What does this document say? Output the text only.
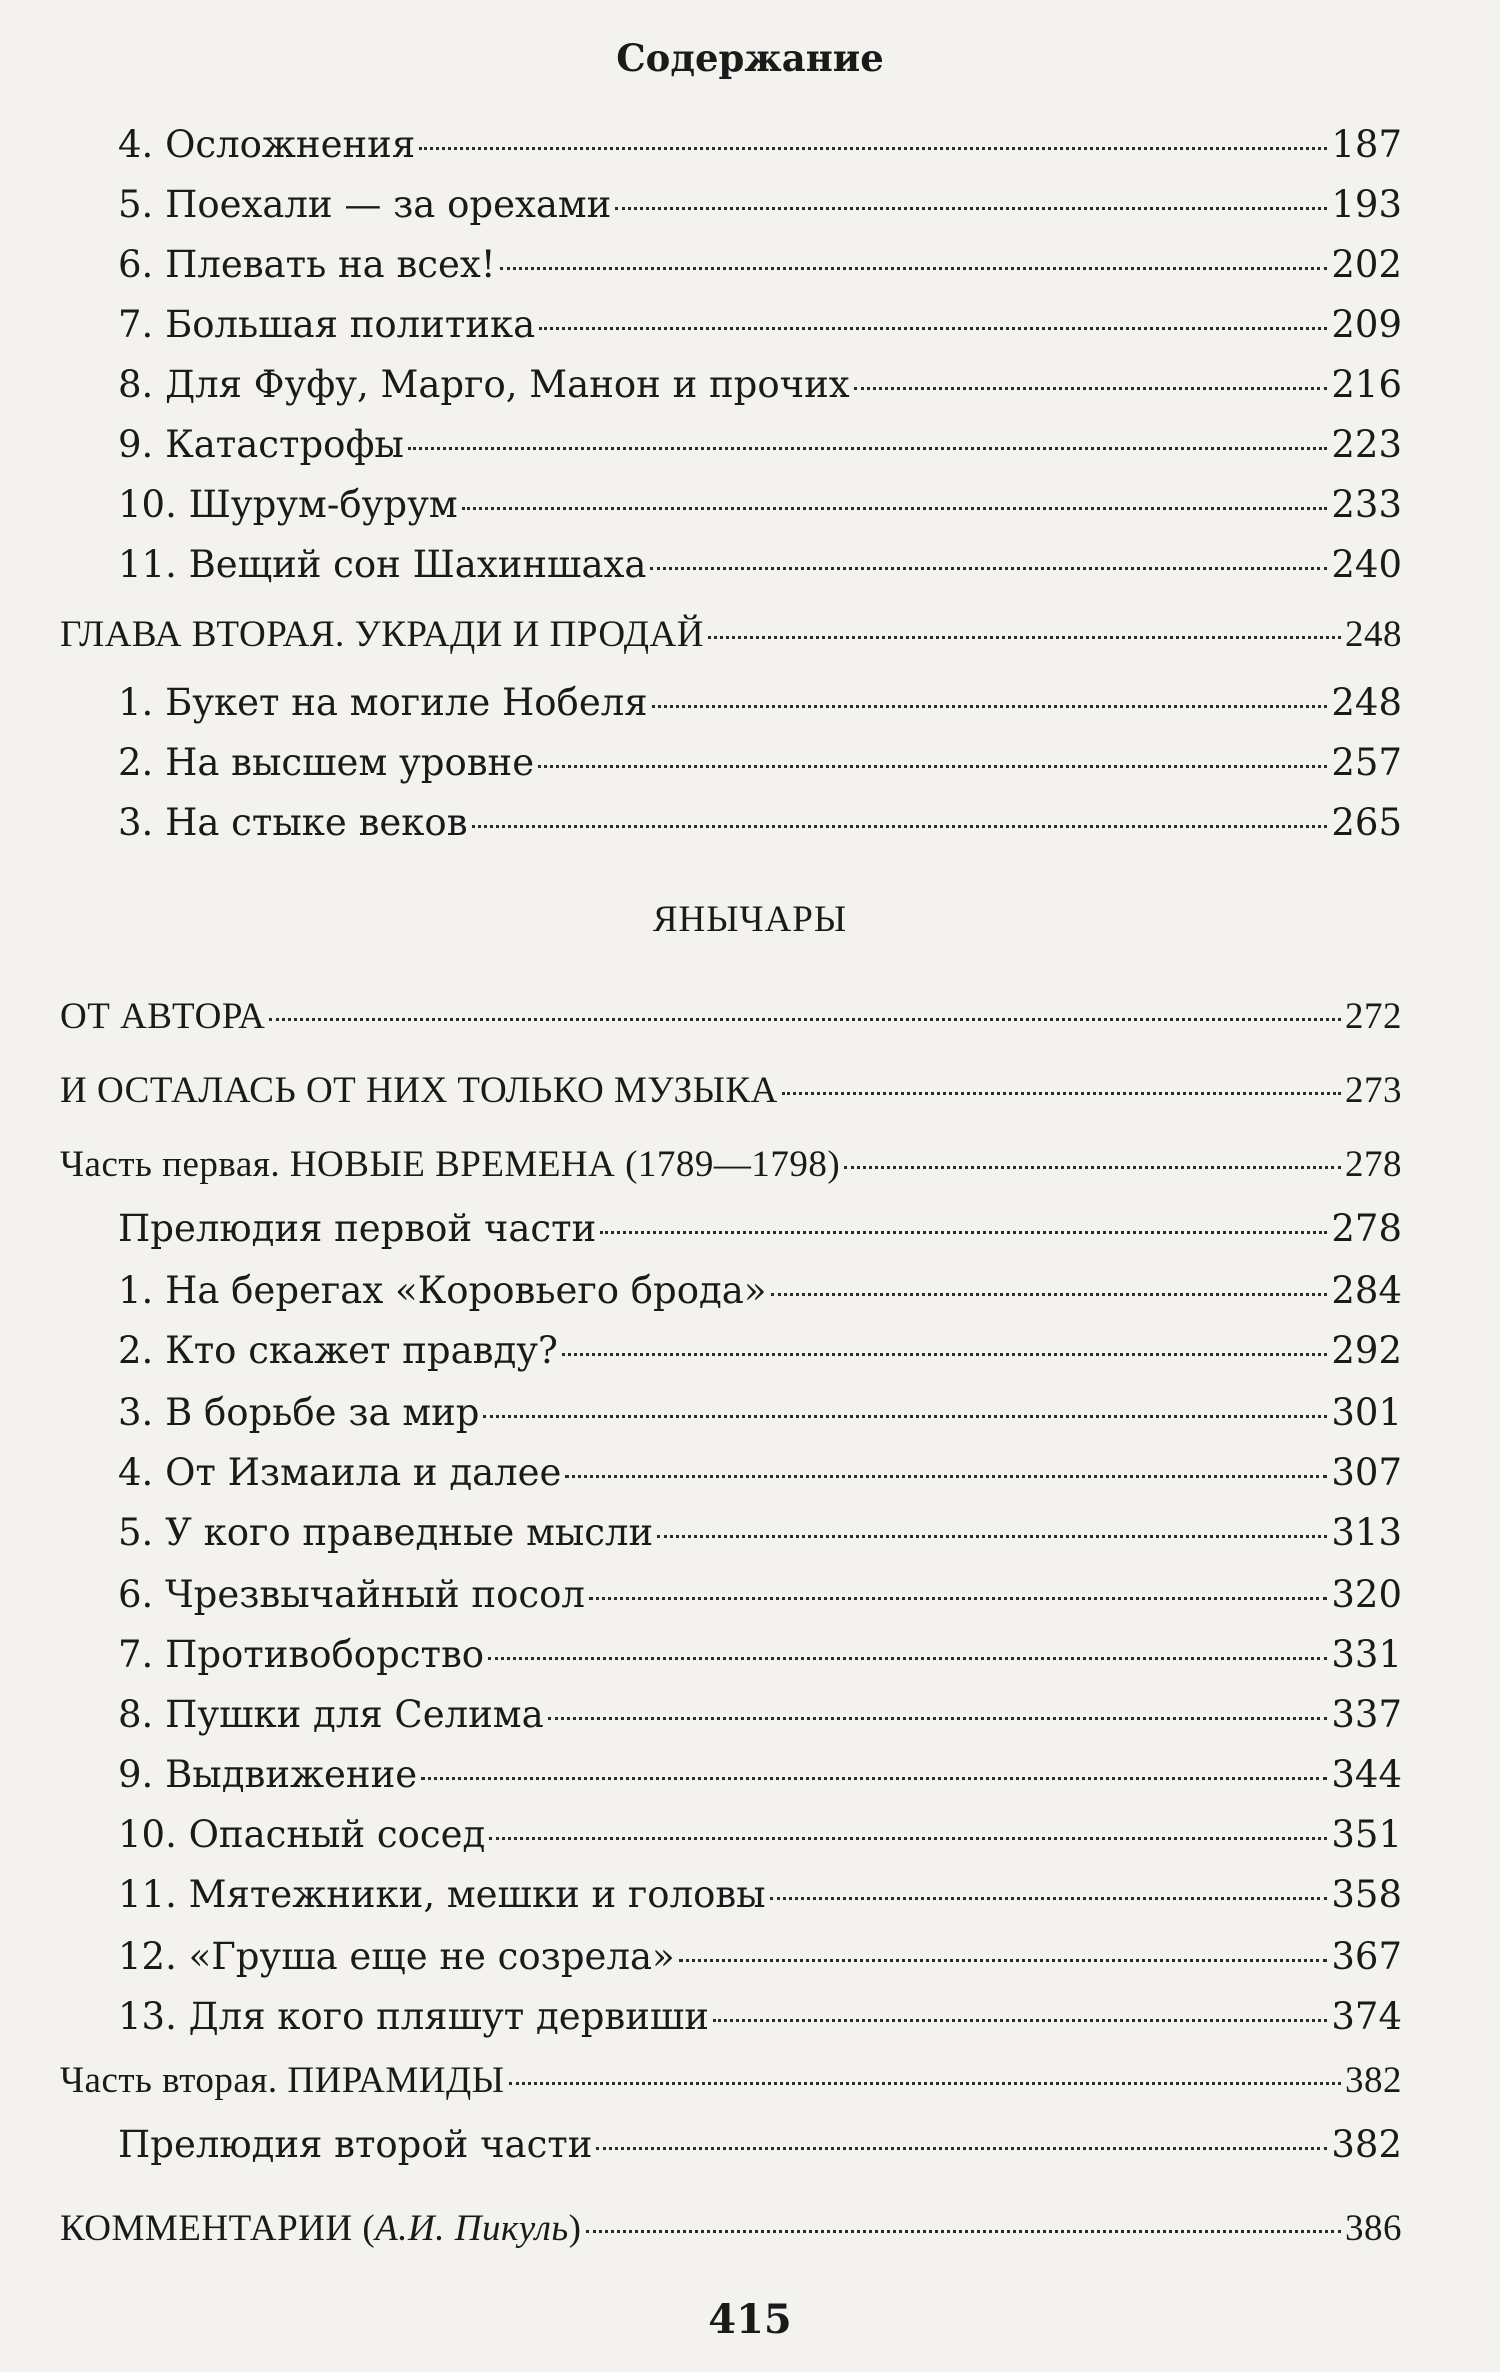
Содержание
4. Осложнения	187
5. Поехали — за орехами	193
6. Плевать на всех!	202
7. Большая политика	209
8. Для Фуфу, Марго, Манон и прочих	216
9. Катастрофы	223
10. Шурум-бурум	233
11. Вещий сон Шахиншаха	240
ГЛАВА ВТОРАЯ. УКРАДИ И ПРОДАЙ	248
1. Букет на могиле Нобеля	248
2. На высшем уровне	257
3. На стыке веков	265
ЯНЫЧАРЫ
ОТ АВТОРА	272
И ОСТАЛАСЬ ОТ НИХ ТОЛЬКО МУЗЫКА	273
Часть первая. НОВЫЕ ВРЕМЕНА (1789—1798)	278
Прелюдия первой части	278
1. На берегах «Коровьего брода»	284
2. Кто скажет правду?	292
3. В борьбе за мир	301
4. От Измаила и далее	307
5. У кого праведные мысли	313
6. Чрезвычайный посол	320
7. Противоборство	331
8. Пушки для Селима	337
9. Выдвижение	344
10. Опасный сосед	351
11. Мятежники, мешки и головы	358
12. «Груша еще не созрела»	367
13. Для кого пляшут дервиши	374
Часть вторая. ПИРАМИДЫ	382
Прелюдия второй части	382
КОММЕНТАРИИ (А.И. Пикуль)	386
415
